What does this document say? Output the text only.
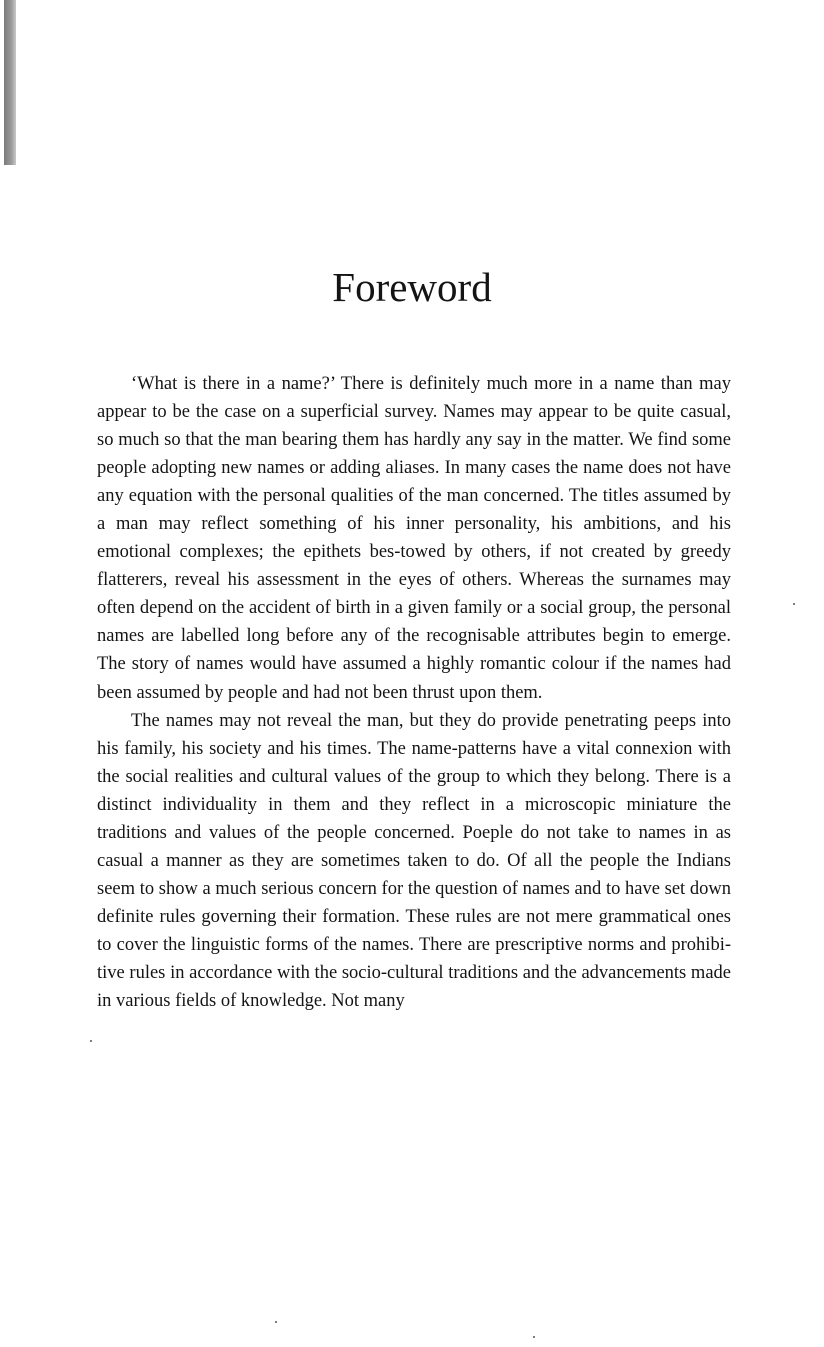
Foreword

‘What is there in a name?’ There is definitely much more in a name than may appear to be the case on a superficial survey. Names may appear to be quite casual, so much so that the man bearing them has hardly any say in the matter. We find some people adopting new names or adding aliases. In many cases the name does not have any equation with the personal qualities of the man concerned. The titles assumed by a man may reflect something of his inner personality, his ambitions, and his emotional complexes; the epithets bes-towed by others, if not created by greedy flatterers, reveal his assessment in the eyes of others. Whereas the surnames may often depend on the accident of birth in a given family or a social group, the personal names are labelled long before any of the recognisable attributes begin to emerge. The story of names would have assumed a highly romantic colour if the names had been assumed by people and had not been thrust upon them.

The names may not reveal the man, but they do provide penetrating peeps into his family, his society and his times. The name-patterns have a vital connexion with the social realities and cultural values of the group to which they belong. There is a distinct individuality in them and they reflect in a microscopic miniature the traditions and values of the people concerned. Poeple do not take to names in as casual a manner as they are sometimes taken to do. Of all the people the Indians seem to show a much serious concern for the question of names and to have set down definite rules governing their formation. These rules are not mere grammatical ones to cover the linguistic forms of the names. There are prescriptive norms and prohibi-tive rules in accordance with the socio-cultural traditions and the advancements made in various fields of knowledge. Not many
